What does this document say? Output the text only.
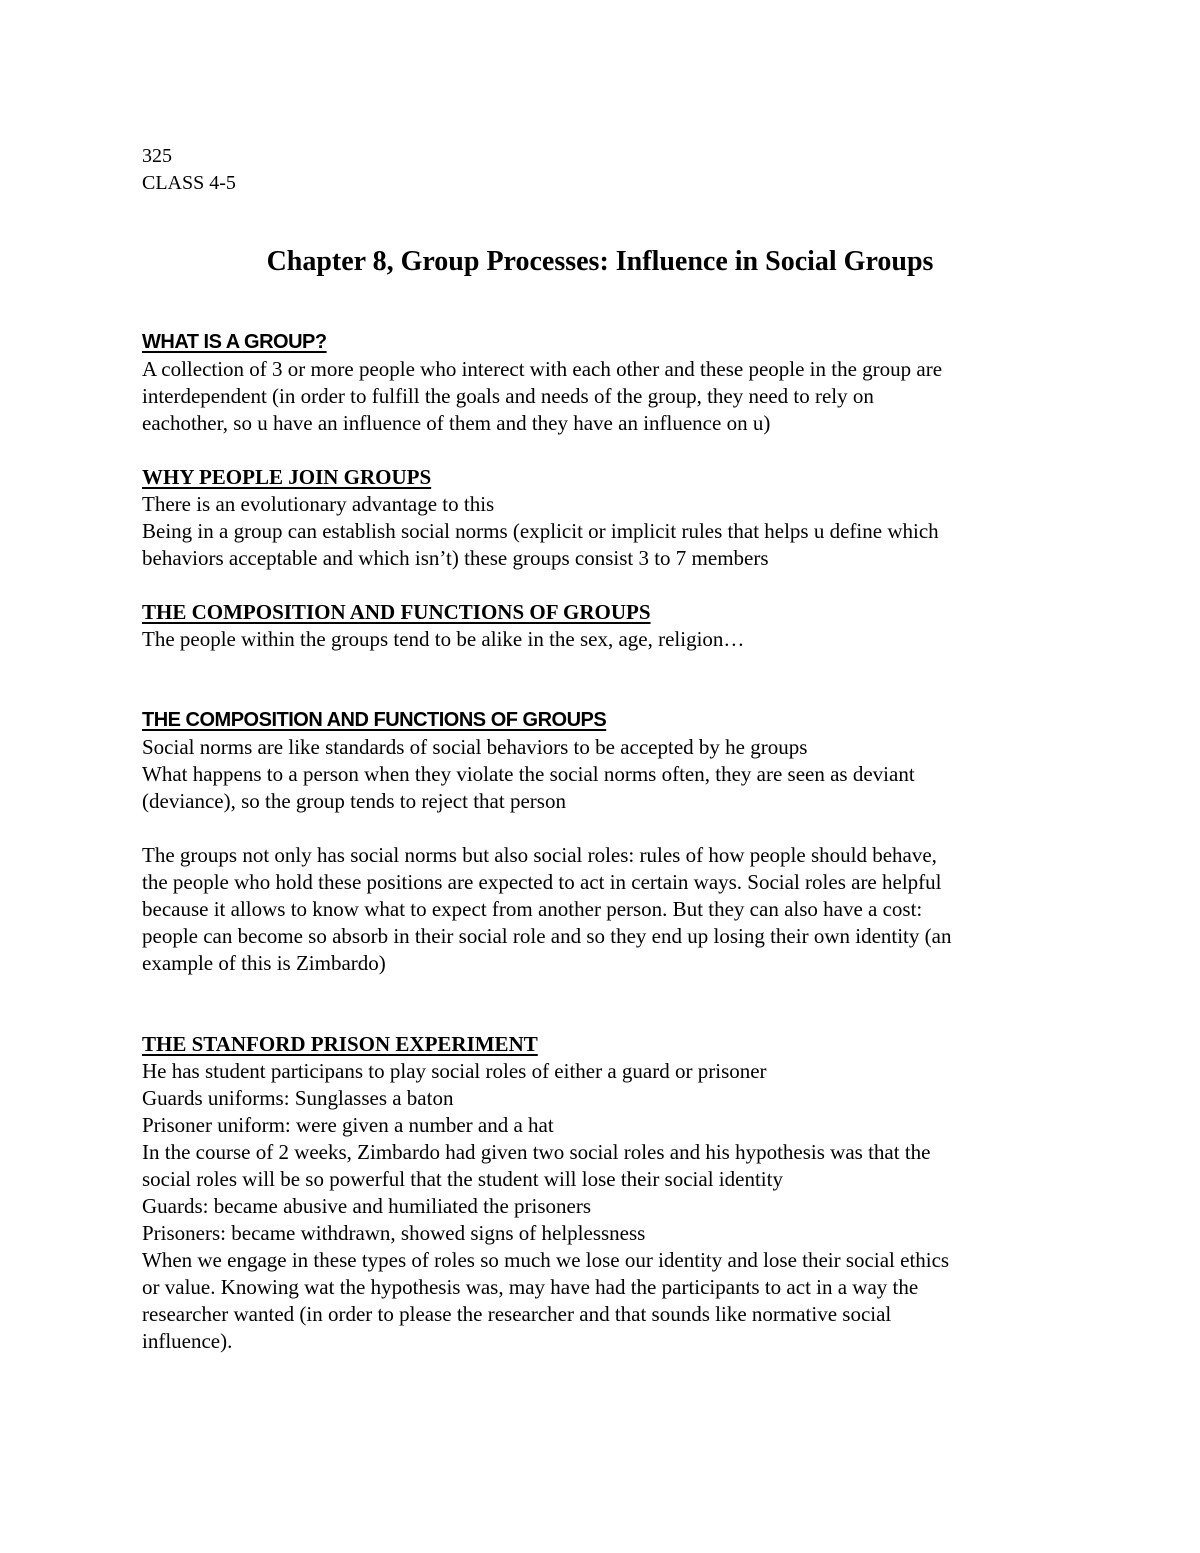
325
CLASS 4-5
Chapter 8, Group Processes: Influence in Social Groups
WHAT IS A GROUP?
A collection of 3 or more people who interect with each other and these people in the group are
interdependent (in order to fulfill the goals and needs of the group, they need to rely on
eachother, so u have an influence of them and they have an influence on u)
WHY PEOPLE JOIN GROUPS
There is an evolutionary advantage to this
Being in a group can establish social norms (explicit or implicit rules that helps u define which
behaviors acceptable and which isn’t) these groups consist 3 to 7 members
THE COMPOSITION AND FUNCTIONS OF GROUPS
The people within the groups tend to be alike in the sex, age, religion…
THE COMPOSITION AND FUNCTIONS OF GROUPS
Social norms are like standards of social behaviors to be accepted by he groups
What happens to a person when they violate the social norms often, they are seen as deviant
(deviance), so the group tends to reject that person
The groups not only has social norms but also social roles: rules of how people should behave,
the people who hold these positions are expected to act in certain ways. Social roles are helpful
because it allows to know what to expect from another person. But they can also have a cost:
people can become so absorb in their social role and so they end up losing their own identity (an
example of this is Zimbardo)
THE STANFORD PRISON EXPERIMENT
He has student participans to play social roles of either a guard or prisoner
Guards uniforms: Sunglasses a baton
Prisoner uniform: were given a number and a hat
In the course of 2 weeks, Zimbardo had given two social roles and his hypothesis was that the
social roles will be so powerful that the student will lose their social identity
Guards: became abusive and humiliated the prisoners
Prisoners: became withdrawn, showed signs of helplessness
When we engage in these types of roles so much we lose our identity and lose their social ethics
or value. Knowing wat the hypothesis was, may have had the participants to act in a way the
researcher wanted (in order to please the researcher and that sounds like normative social
influence).
